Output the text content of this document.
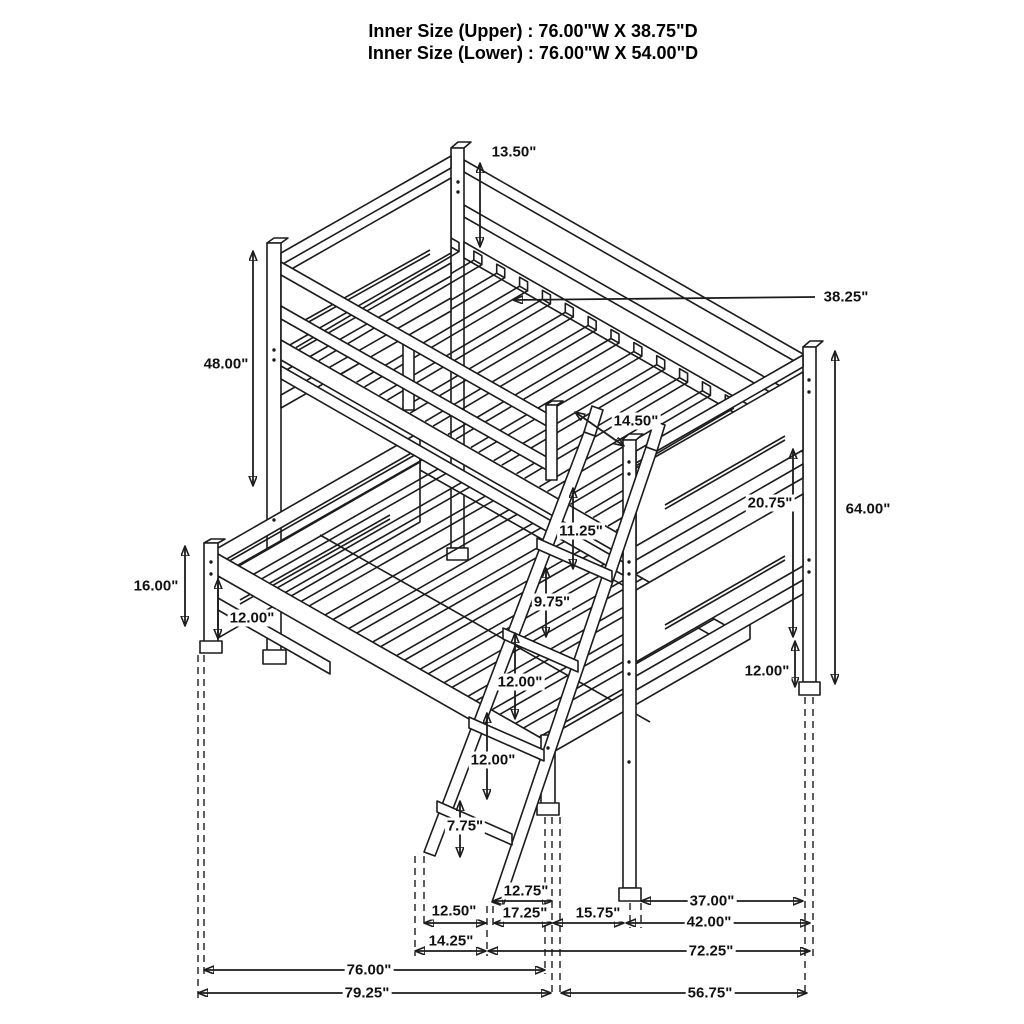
Inner Size (Upper) : 76.00"W X 38.75"D
Inner Size (Lower) : 76.00"W X 54.00"D
13.50"
38.25"
48.00"
14.50"
11.25"
20.75"	64.00"
16.00"
12.00"
9.75"
12.00"
12.00"
12.00"
7.75"
12.75"
37.00"
12.50" 17.25" 15.75"
42.00"
14.25"
72.25"
76.00"
79.25"	56.75"
